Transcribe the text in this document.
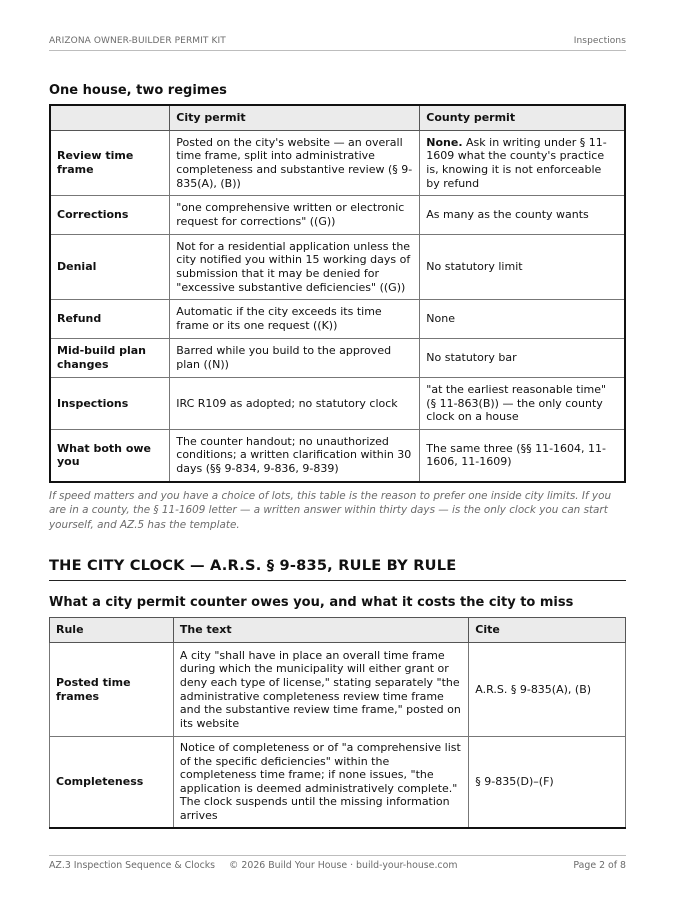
ARIZONA OWNER-BUILDER PERMIT KIT	Inspections
One house, two regimes
	City permit	County permit
Review time frame	Posted on the city's website — an overall time frame, split into administrative completeness and substantive review (§ 9-835(A), (B))	None. Ask in writing under § 11-1609 what the county's practice is, knowing it is not enforceable by refund
Corrections	"one comprehensive written or electronic request for corrections" ((G))	As many as the county wants
Denial	Not for a residential application unless the city notified you within 15 working days of submission that it may be denied for "excessive substantive deficiencies" ((G))	No statutory limit
Refund	Automatic if the city exceeds its time frame or its one request ((K))	None
Mid-build plan changes	Barred while you build to the approved plan ((N))	No statutory bar
Inspections	IRC R109 as adopted; no statutory clock	"at the earliest reasonable time" (§ 11-863(B)) — the only county clock on a house
What both owe you	The counter handout; no unauthorized conditions; a written clarification within 30 days (§§ 9-834, 9-836, 9-839)	The same three (§§ 11-1604, 11-1606, 11-1609)
If speed matters and you have a choice of lots, this table is the reason to prefer one inside city limits. If you are in a county, the § 11-1609 letter — a written answer within thirty days — is the only clock you can start yourself, and AZ.5 has the template.
THE CITY CLOCK — A.R.S. § 9-835, RULE BY RULE
What a city permit counter owes you, and what it costs the city to miss
Rule	The text	Cite
Posted time frames	A city "shall have in place an overall time frame during which the municipality will either grant or deny each type of license," stating separately "the administrative completeness review time frame and the substantive review time frame," posted on its website	A.R.S. § 9-835(A), (B)
Completeness	Notice of completeness or of "a comprehensive list of the specific deficiencies" within the completeness time frame; if none issues, "the application is deemed administratively complete." The clock suspends until the missing information arrives	§ 9-835(D)–(F)
AZ.3 Inspection Sequence & Clocks © 2026 Build Your House · build-your-house.com	Page 2 of 8
